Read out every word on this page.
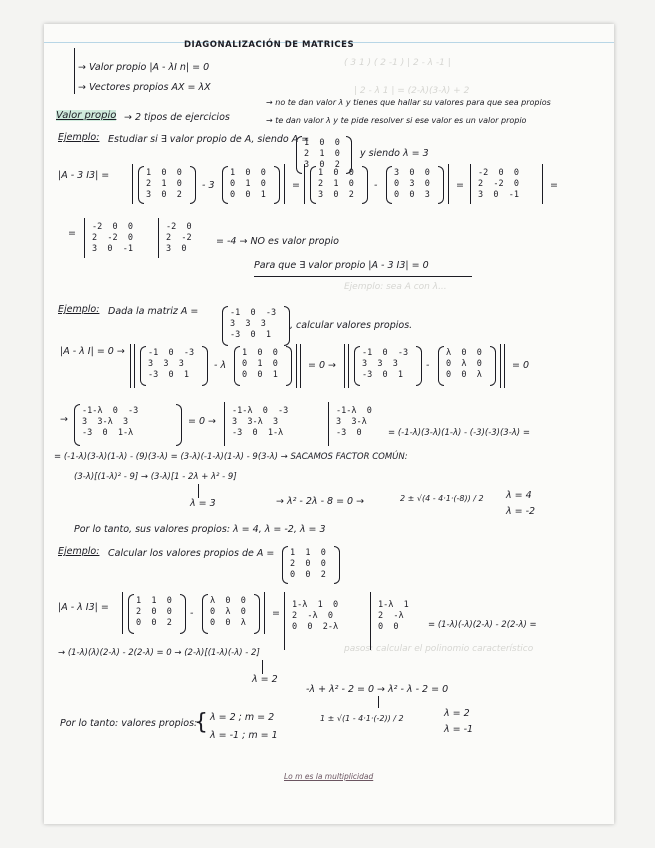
( 3 1 ) ( 2 -1 ) | 2 - λ -1 |
| 2 - λ 1 | = (2-λ)(3-λ) + 2
Ejemplo: sea A con λ...
pasos: calcular el polinomio característico
DIAGONALIZACIÓN DE MATRICES
→ Valor propio |A - λI n| = 0
→ Vectores propios AX = λX
Valor propio → 2 tipos de ejercicios
→ no te dan valor λ y tienes que hallar su valores para que sea propios
→ te dan valor λ y te pide resolver si ese valor es un valor propio
Ejemplo: Estudiar si ∃ valor propio de A, siendo A =
1  0  0
2  1  0
3  0  2
y siendo λ = 3
|A - 3 I3| =	1  0  0
2  1  0
3  0  2
- 3
1  0  0
0  1  0
0  0  1
=
1  0  0
2  1  0
3  0  2
-
3  0  0
0  3  0
0  0  3
=
-2  0  0
2  -2  0
3  0  -1
=
=
-2  0  0
2  -2  0
3  0  -1
-2  0
2  -2
3  0
= -4 → NO es valor propio
Para que ∃ valor propio |A - 3 I3| = 0
Ejemplo: Dada la matriz A =	-1  0  -3
3  3  3
-3  0  1
, calcular valores propios.
|A - λ I| = 0 →	-1  0  -3
3  3  3
-3  0  1
- λ
1  0  0
0  1  0
0  0  1
= 0 →
-1  0  -3
3  3  3
-3  0  1
-
λ  0  0
0  λ  0
0  0  λ
= 0
→
-1-λ  0  -3
3  3-λ  3
-3  0  1-λ
= 0 →
-1-λ  0  -3
3  3-λ  3
-3  0  1-λ
-1-λ  0
3  3-λ
-3  0	= (-1-λ)(3-λ)(1-λ) - (-3)(-3)(3-λ) =
= (-1-λ)(3-λ)(1-λ) - (9)(3-λ) = (3-λ)(-1-λ)(1-λ) - 9(3-λ) → SACAMOS FACTOR COMÚN:
(3-λ)[(1-λ)² - 9] → (3-λ)[1 - 2λ + λ² - 9]
λ = 3	→ λ² - 2λ - 8 = 0 →	2 ± √(4 - 4·1·(-8)) / 2 λ = 4
λ = -2
Por lo tanto, sus valores propios: λ = 4, λ = -2, λ = 3
Ejemplo: Calcular los valores propios de A = 1  1  0
2  0  0
0  0  2
|A - λ I3| =
1  1  0
2  0  0
0  0  2
-
λ  0  0
0  λ  0
0  0  λ
=
1-λ  1  0
2  -λ  0
0  0  2-λ
1-λ  1
2  -λ
0  0	= (1-λ)(-λ)(2-λ) - 2(2-λ) =
→ (1-λ)(λ)(2-λ) - 2(2-λ) = 0 → (2-λ)[(1-λ)(-λ) - 2]
λ = 2
-λ + λ² - 2 = 0 → λ² - λ - 2 = 0
1 ± √(1 - 4·1·(-2)) / 2	λ = 2
λ = -1
Por lo tanto: valores propios:
{ λ = 2 ; m = 2
λ = -1 ; m = 1
Lo m es la multiplicidad
